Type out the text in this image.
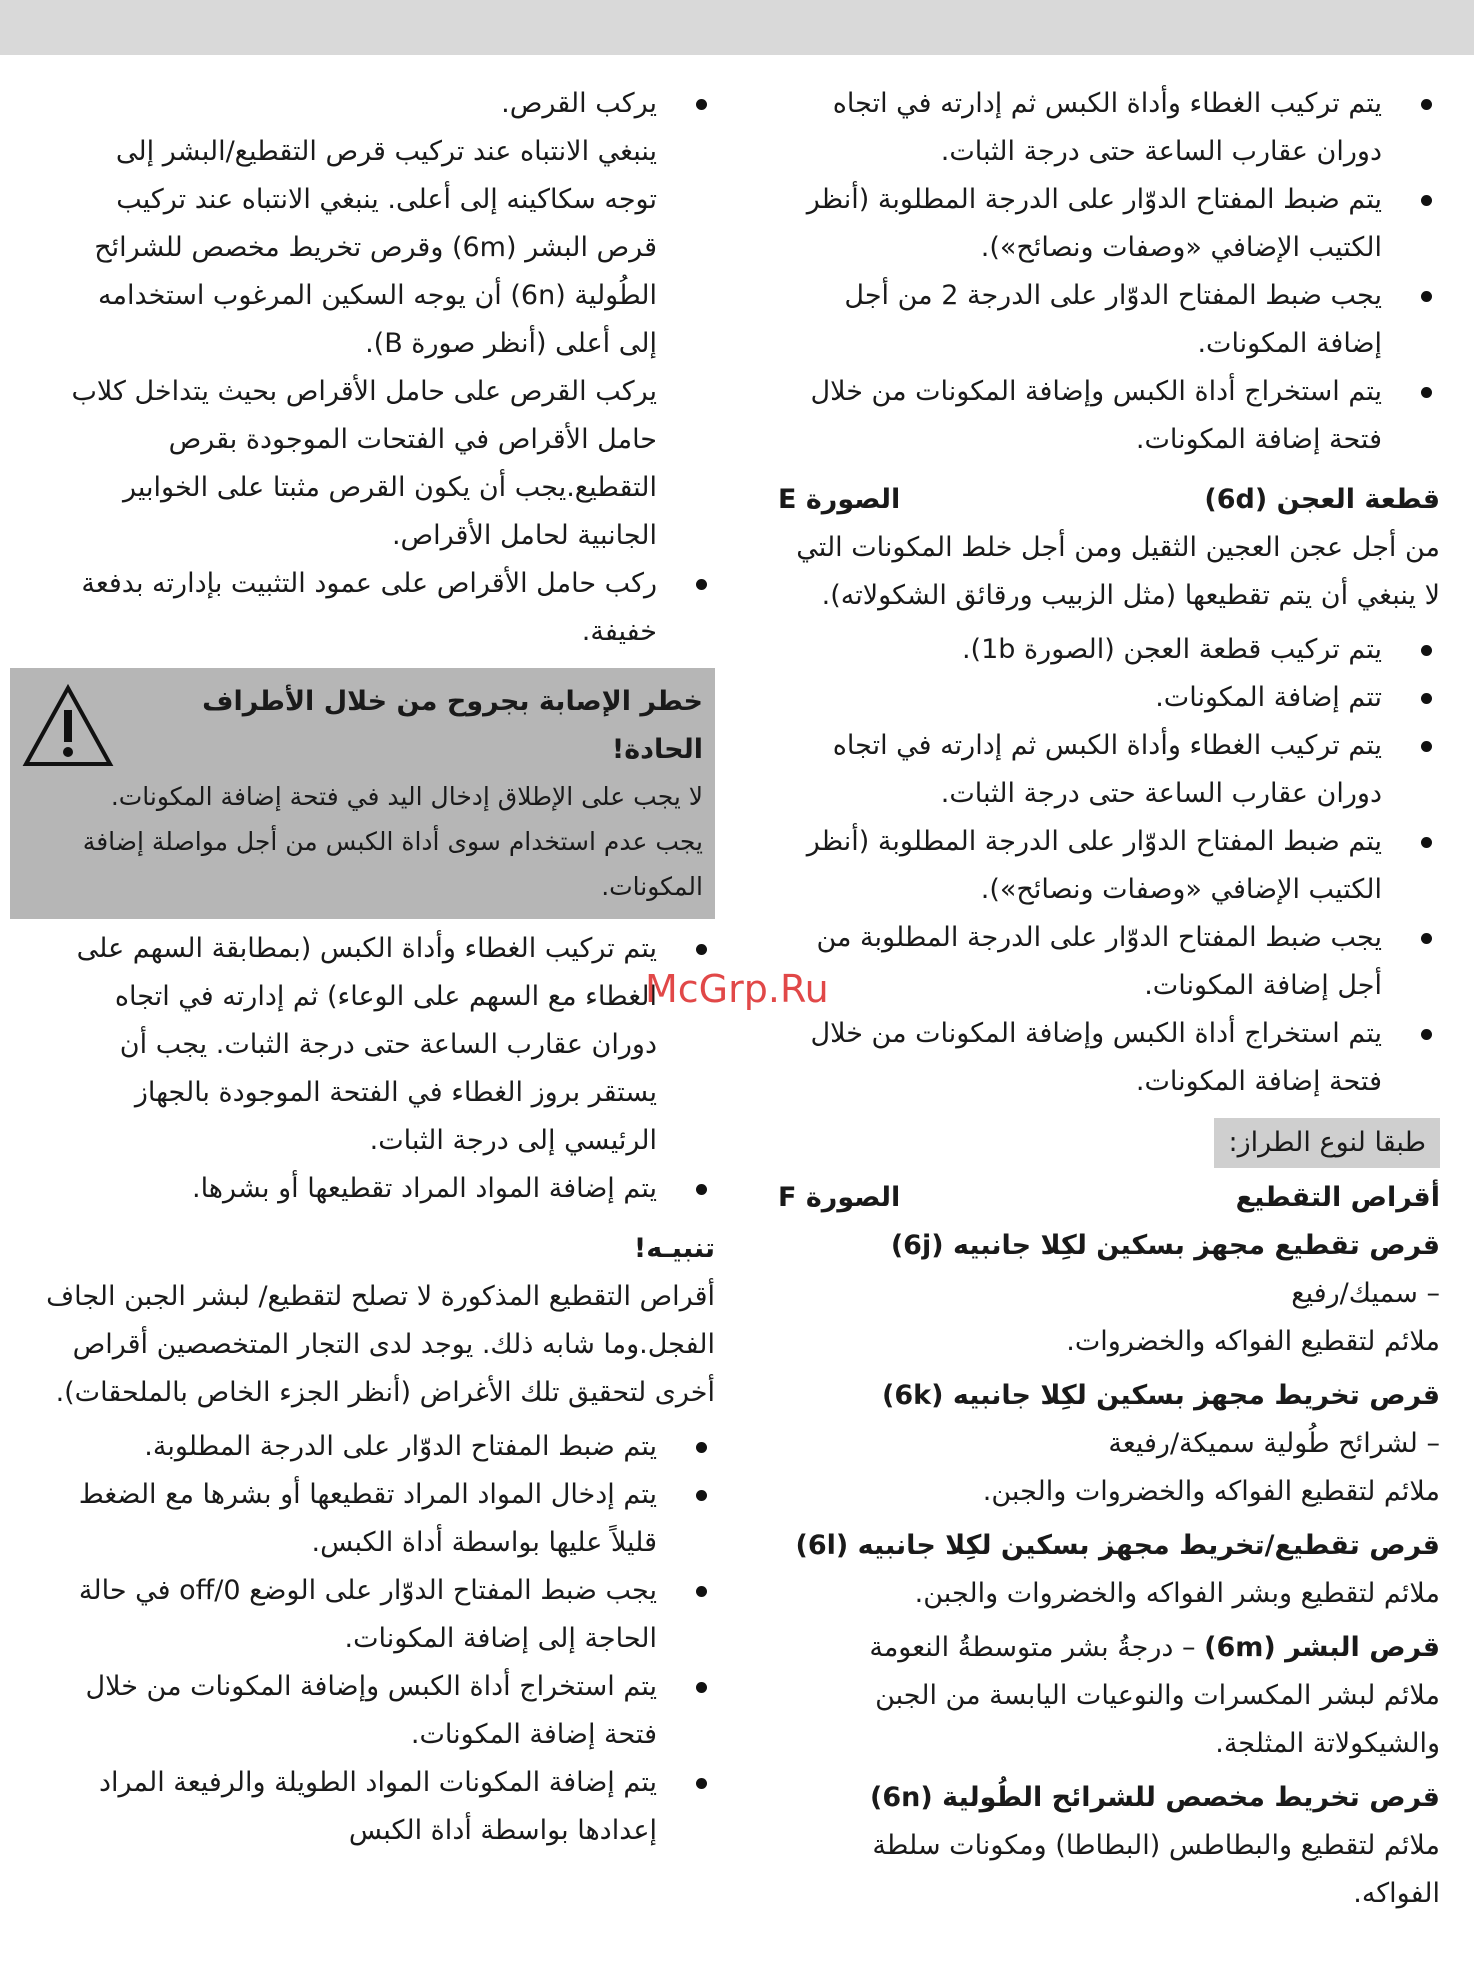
يتم تركيب الغطاء وأداة الكبس ثم إدارته في اتجاه دوران عقارب الساعة حتى درجة الثبات.
يتم ضبط المفتاح الدوّار على الدرجة المطلوبة (أنظر الكتيب الإضافي «وصفات ونصائح»).
يجب ضبط المفتاح الدوّار على الدرجة 2 من أجل إضافة المكونات.
يتم استخراج أداة الكبس وإضافة المكونات من خلال فتحة إضافة المكونات.
قطعة العجن (6d)
الصورة E

من أجل عجن العجين الثقيل ومن أجل خلط المكونات التي لا ينبغي أن يتم تقطيعها (مثل الزبيب ورقائق الشكولاته).

يتم تركيب قطعة العجن (الصورة 1b).
تتم إضافة المكونات.
يتم تركيب الغطاء وأداة الكبس ثم إدارته في اتجاه دوران عقارب الساعة حتى درجة الثبات.
يتم ضبط المفتاح الدوّار على الدرجة المطلوبة (أنظر الكتيب الإضافي «وصفات ونصائح»).
يجب ضبط المفتاح الدوّار على الدرجة المطلوبة من أجل إضافة المكونات.
يتم استخراج أداة الكبس وإضافة المكونات من خلال فتحة إضافة المكونات.
طبقا لنوع الطراز:
أقراص التقطيع
الصورة F

قرص تقطيع مجهز بسكين لكِلا جانبيه (6j)

– سميك/رفيع

ملائم لتقطيع الفواكه والخضروات.

قرص تخريط مجهز بسكين لكِلا جانبيه (6k)

– لشرائح طُولية سميكة/رفيعة

ملائم لتقطيع الفواكه والخضروات والجبن.

قرص تقطيع/تخريط مجهز بسكين لكِلا جانبيه (6l)

ملائم لتقطيع وبشر الفواكه والخضروات والجبن.

قرص البشر (6m) – درجةُ بشر متوسطةُ النعومة

ملائم لبشر المكسرات والنوعيات اليابسة من الجبن والشيكولاتة المثلجة.

قرص تخريط مخصص للشرائح الطُولية (6n)

ملائم لتقطيع والبطاطس (البطاطا) ومكونات سلطة الفواكه.

يركب القرص.

ينبغي الانتباه عند تركيب قرص التقطيع/البشر إلى توجه سكاكينه إلى أعلى. ينبغي الانتباه عند تركيب قرص البشر (6m) وقرص تخريط مخصص للشرائح الطُولية (6n) أن يوجه السكين المرغوب استخدامه إلى أعلى (أنظر صورة B).

يركب القرص على حامل الأقراص بحيث يتداخل كلاب حامل الأقراص في الفتحات الموجودة بقرص التقطيع.يجب أن يكون القرص مثبتا على الخوابير الجانبية لحامل الأقراص.

ركب حامل الأقراص على عمود التثبيت بإدارته بدفعة خفيفة.
خطر الإصابة بجروح من خلال الأطراف الحادة!

لا يجب على الإطلاق إدخال اليد في فتحة إضافة المكونات.

يجب عدم استخدام سوى أداة الكبس من أجل مواصلة إضافة المكونات.

يتم تركيب الغطاء وأداة الكبس (بمطابقة السهم على الغطاء مع السهم على الوعاء) ثم إدارته في اتجاه دوران عقارب الساعة حتى درجة الثبات. يجب أن يستقر بروز الغطاء في الفتحة الموجودة بالجهاز الرئيسي إلى درجة الثبات.
يتم إضافة المواد المراد تقطيعها أو بشرها.

تنبيـه!

أقراص التقطيع المذكورة لا تصلح لتقطيع/ لبشر الجبن الجاف الفجل.وما شابه ذلك. يوجد لدى التجار المتخصصين أقراص أخرى لتحقيق تلك الأغراض (أنظر الجزء الخاص بالملحقات).

يتم ضبط المفتاح الدوّار على الدرجة المطلوبة.
يتم إدخال المواد المراد تقطيعها أو بشرها مع الضغط قليلاً عليها بواسطة أداة الكبس.
يجب ضبط المفتاح الدوّار على الوضع off/0 في حالة الحاجة إلى إضافة المكونات.
يتم استخراج أداة الكبس وإضافة المكونات من خلال فتحة إضافة المكونات.
يتم إضافة المكونات المواد الطويلة والرفيعة المراد إعدادها بواسطة أداة الكبس
McGrp.Ru
